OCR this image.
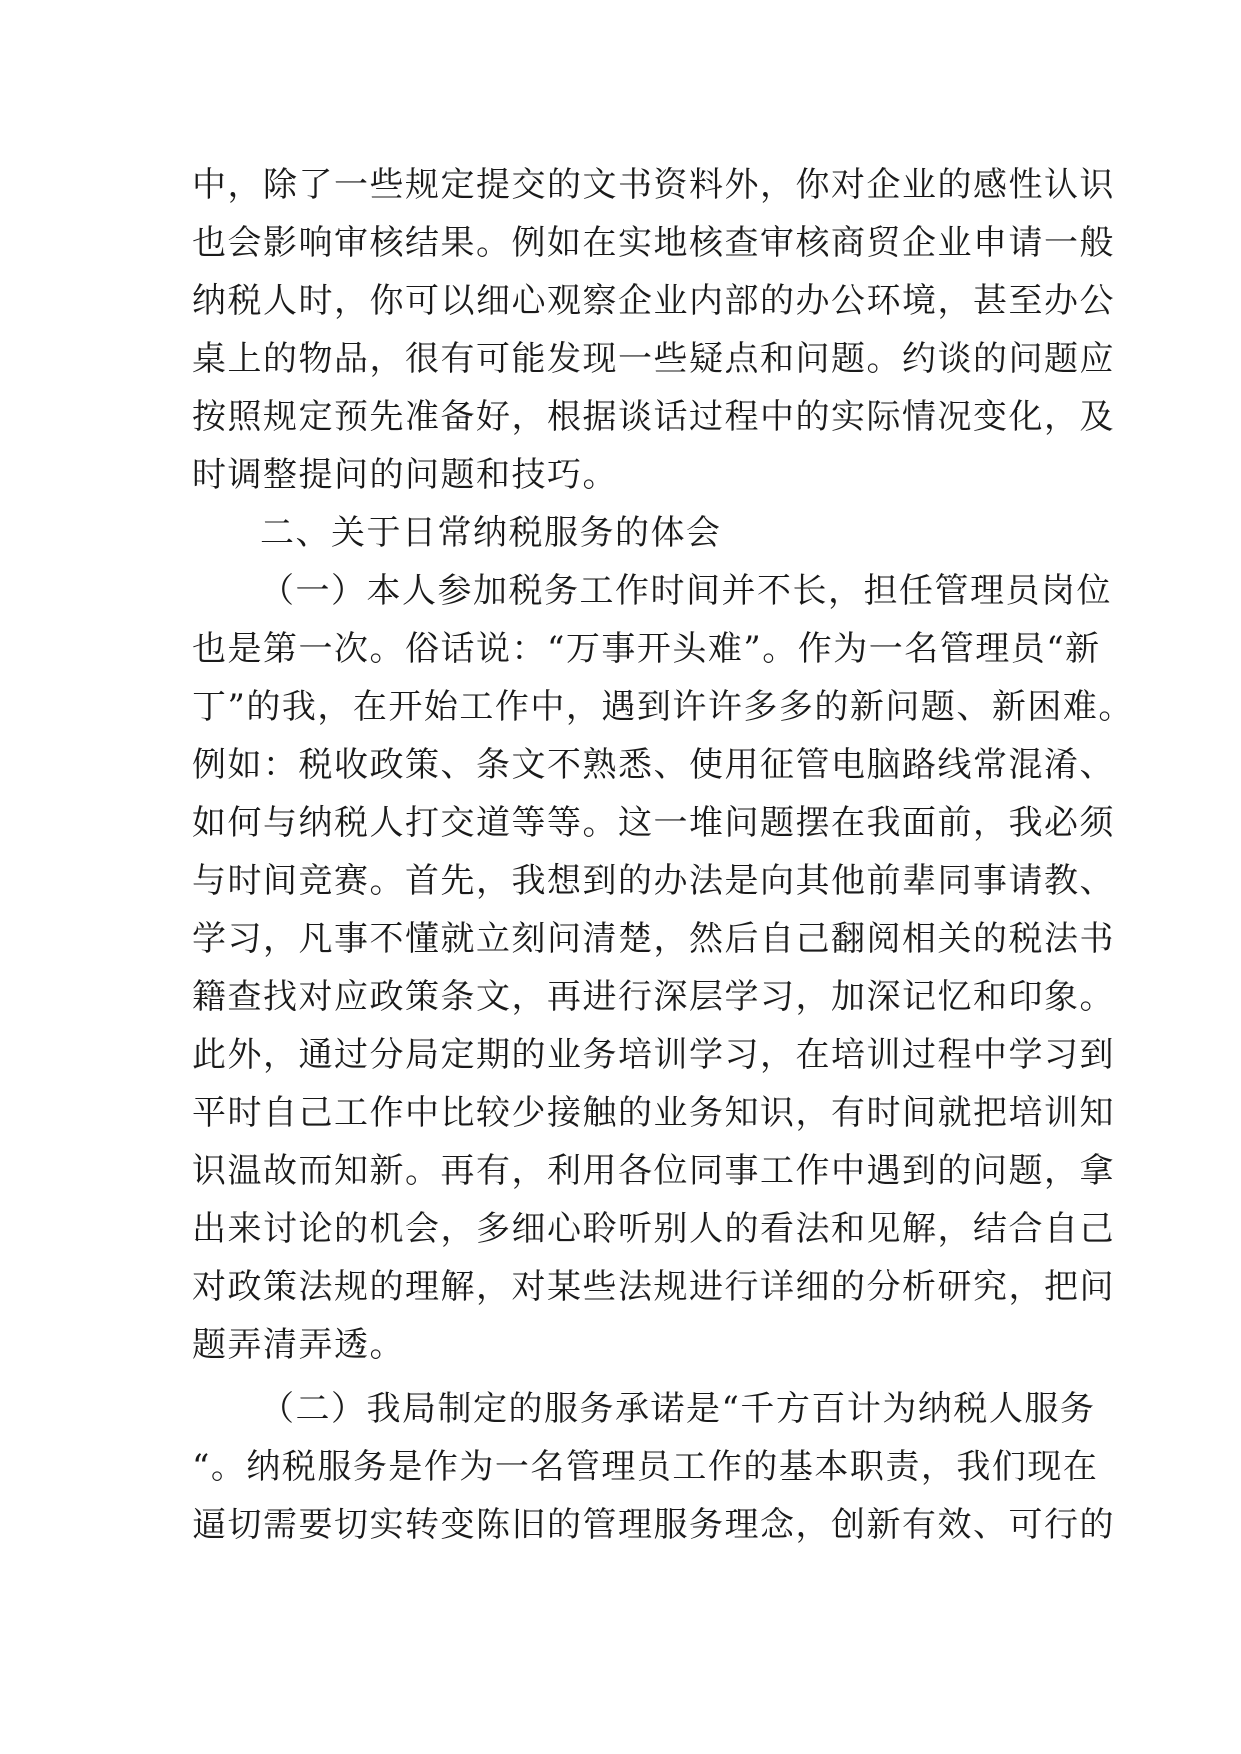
中，除了一些规定提交的文书资料外，你对企业的感性认识
也会影响审核结果。例如在实地核查审核商贸企业申请一般
纳税人时，你可以细心观察企业内部的办公环境，甚至办公
桌上的物品，很有可能发现一些疑点和问题。约谈的问题应
按照规定预先准备好，根据谈话过程中的实际情况变化，及
时调整提问的问题和技巧。
二、关于日常纳税服务的体会
（一）本人参加税务工作时间并不长，担任管理员岗位
也是第一次。俗话说：“万事开头难”。作为一名管理员“新
丁”的我，在开始工作中，遇到许许多多的新问题、新困难。
例如：税收政策、条文不熟悉、使用征管电脑路线常混淆、
如何与纳税人打交道等等。这一堆问题摆在我面前，我必须
与时间竞赛。首先，我想到的办法是向其他前辈同事请教、
学习，凡事不懂就立刻问清楚，然后自己翻阅相关的税法书
籍查找对应政策条文，再进行深层学习，加深记忆和印象。
此外，通过分局定期的业务培训学习，在培训过程中学习到
平时自己工作中比较少接触的业务知识，有时间就把培训知
识温故而知新。再有，利用各位同事工作中遇到的问题，拿
出来讨论的机会，多细心聆听别人的看法和见解，结合自己
对政策法规的理解，对某些法规进行详细的分析研究，把问
题弄清弄透。
（二）我局制定的服务承诺是“千方百计为纳税人服务
“。纳税服务是作为一名管理员工作的基本职责，我们现在
逼切需要切实转变陈旧的管理服务理念，创新有效、可行的
